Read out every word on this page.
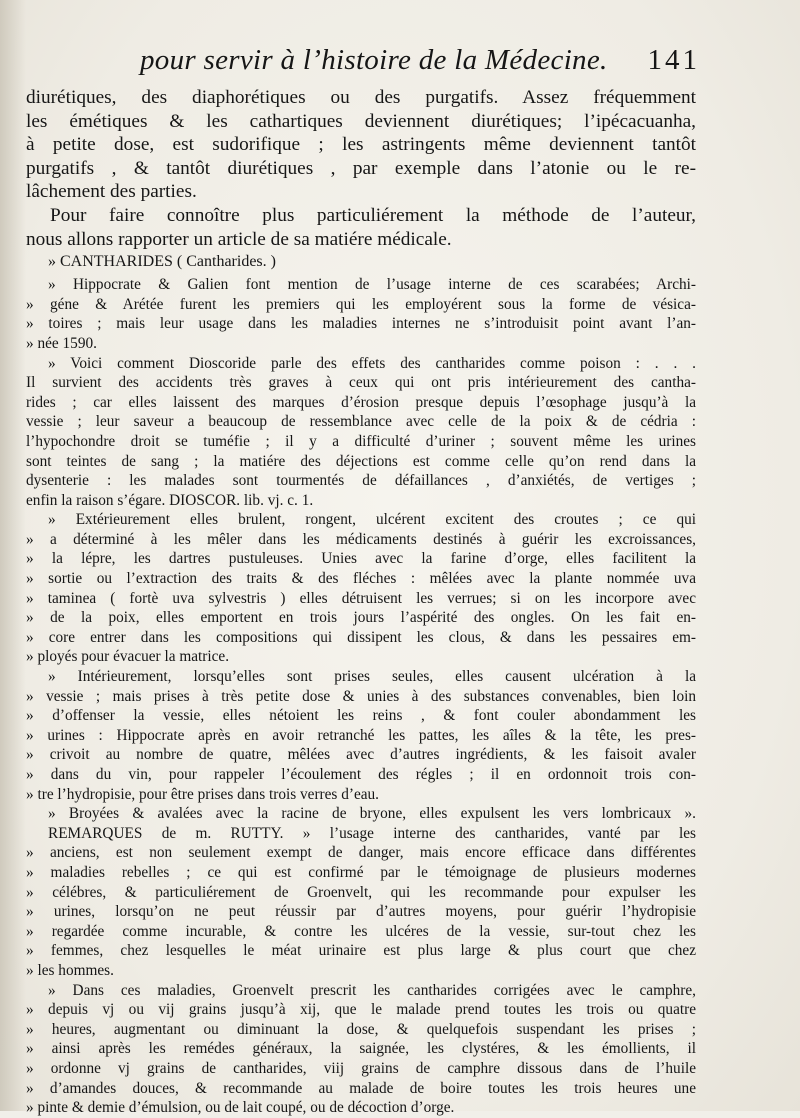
pour servir à l’histoire de la Médecine. 141
diurétiques, des diaphorétiques ou des purgatifs. Assez fréquemment
les émétiques & les cathartiques deviennent diurétiques; l’ipécacuanha,
à petite dose, est sudorifique ; les astringents même deviennent tantôt
purgatifs , & tantôt diurétiques , par exemple dans l’atonie ou le re-
lâchement des parties.
Pour faire connoître plus particuliérement la méthode de l’auteur,
nous allons rapporter un article de sa matiére médicale.
» CANTHARIDES ( Cantharides. )
» Hippocrate & Galien font mention de l’usage interne de ces scarabées; Archi-
» géne & Arétée furent les premiers qui les employérent sous la forme de vésica-
» toires ; mais leur usage dans les maladies internes ne s’introduisit point avant l’an-
» née 1590.
» Voici comment Dioscoride parle des effets des cantharides comme poison : . . .
Il survient des accidents très graves à ceux qui ont pris intérieurement des cantha-
rides ; car elles laissent des marques d’érosion presque depuis l’œsophage jusqu’à la
vessie ; leur saveur a beaucoup de ressemblance avec celle de la poix & de cédria :
l’hypochondre droit se tuméfie ; il y a difficulté d’uriner ; souvent même les urines
sont teintes de sang ; la matiére des déjections est comme celle qu’on rend dans la
dysenterie : les malades sont tourmentés de défaillances , d’anxiétés, de vertiges ;
enfin la raison s’égare. DIOSCOR. lib. vj. c. 1.
» Extérieurement elles brulent, rongent, ulcérent excitent des croutes ; ce qui
» a déterminé à les mêler dans les médicaments destinés à guérir les excroissances,
» la lépre, les dartres pustuleuses. Unies avec la farine d’orge, elles facilitent la
» sortie ou l’extraction des traits & des fléches : mêlées avec la plante nommée uva
» taminea ( fortè uva sylvestris ) elles détruisent les verrues; si on les incorpore avec
» de la poix, elles emportent en trois jours l’aspérité des ongles. On les fait en-
» core entrer dans les compositions qui dissipent les clous, & dans les pessaires em-
» ployés pour évacuer la matrice.
» Intérieurement, lorsqu’elles sont prises seules, elles causent ulcération à la
» vessie ; mais prises à très petite dose & unies à des substances convenables, bien loin
» d’offenser la vessie, elles nétoient les reins , & font couler abondamment les
» urines : Hippocrate après en avoir retranché les pattes, les aîles & la tête, les pres-
» crivoit au nombre de quatre, mêlées avec d’autres ingrédients, & les faisoit avaler
» dans du vin, pour rappeler l’écoulement des régles ; il en ordonnoit trois con-
» tre l’hydropisie, pour être prises dans trois verres d’eau.
» Broyées & avalées avec la racine de bryone, elles expulsent les vers lombricaux ».
REMARQUES de m. RUTTY. » l’usage interne des cantharides, vanté par les
» anciens, est non seulement exempt de danger, mais encore efficace dans différentes
» maladies rebelles ; ce qui est confirmé par le témoignage de plusieurs modernes
» célébres, & particuliérement de Groenvelt, qui les recommande pour expulser les
» urines, lorsqu’on ne peut réussir par d’autres moyens, pour guérir l’hydropisie
» regardée comme incurable, & contre les ulcéres de la vessie, sur-tout chez les
» femmes, chez lesquelles le méat urinaire est plus large & plus court que chez
» les hommes.
» Dans ces maladies, Groenvelt prescrit les cantharides corrigées avec le camphre,
» depuis vj ou vij grains jusqu’à xij, que le malade prend toutes les trois ou quatre
» heures, augmentant ou diminuant la dose, & quelquefois suspendant les prises ;
» ainsi après les remédes généraux, la saignée, les clystéres, & les émollients, il
» ordonne vj grains de cantharides, viij grains de camphre dissous dans de l’huile
» d’amandes douces, & recommande au malade de boire toutes les trois heures une
» pinte & demie d’émulsion, ou de lait coupé, ou de décoction d’orge.
